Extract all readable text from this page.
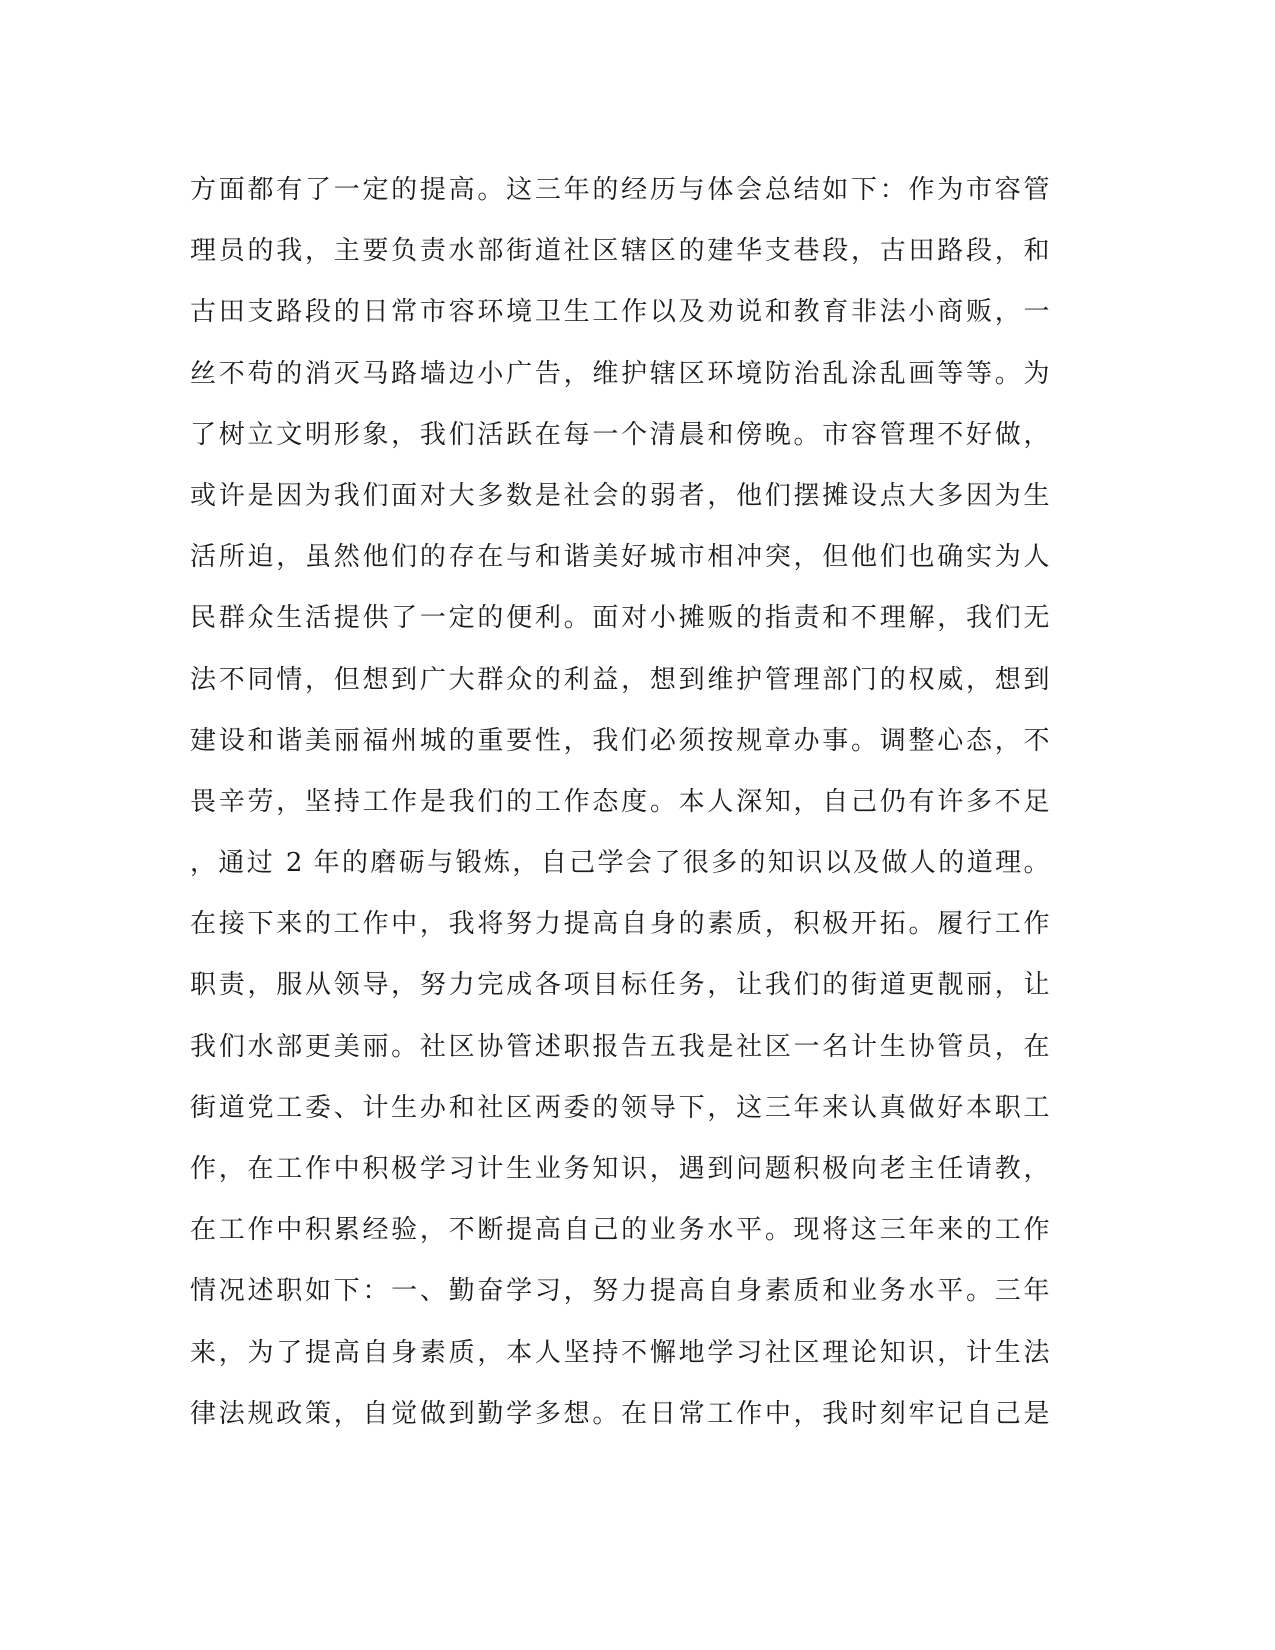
方面都有了一定的提高。这三年的经历与体会总结如下：作为市容管
理员的我，主要负责水部街道社区辖区的建华支巷段，古田路段，和
古田支路段的日常市容环境卫生工作以及劝说和教育非法小商贩，一
丝不苟的消灭马路墙边小广告，维护辖区环境防治乱涂乱画等等。为
了树立文明形象，我们活跃在每一个清晨和傍晚。市容管理不好做，
或许是因为我们面对大多数是社会的弱者，他们摆摊设点大多因为生
活所迫，虽然他们的存在与和谐美好城市相冲突，但他们也确实为人
民群众生活提供了一定的便利。面对小摊贩的指责和不理解，我们无
法不同情，但想到广大群众的利益，想到维护管理部门的权威，想到
建设和谐美丽福州城的重要性，我们必须按规章办事。调整心态，不
畏辛劳，坚持工作是我们的工作态度。本人深知，自己仍有许多不足
，通过 2 年的磨砺与锻炼，自己学会了很多的知识以及做人的道理。
在接下来的工作中，我将努力提高自身的素质，积极开拓。履行工作
职责，服从领导，努力完成各项目标任务，让我们的街道更靓丽，让
我们水部更美丽。社区协管述职报告五我是社区一名计生协管员，在
街道党工委、计生办和社区两委的领导下，这三年来认真做好本职工
作，在工作中积极学习计生业务知识，遇到问题积极向老主任请教，
在工作中积累经验，不断提高自己的业务水平。现将这三年来的工作
情况述职如下：一、勤奋学习，努力提高自身素质和业务水平。三年
来，为了提高自身素质，本人坚持不懈地学习社区理论知识，计生法
律法规政策，自觉做到勤学多想。在日常工作中，我时刻牢记自己是
